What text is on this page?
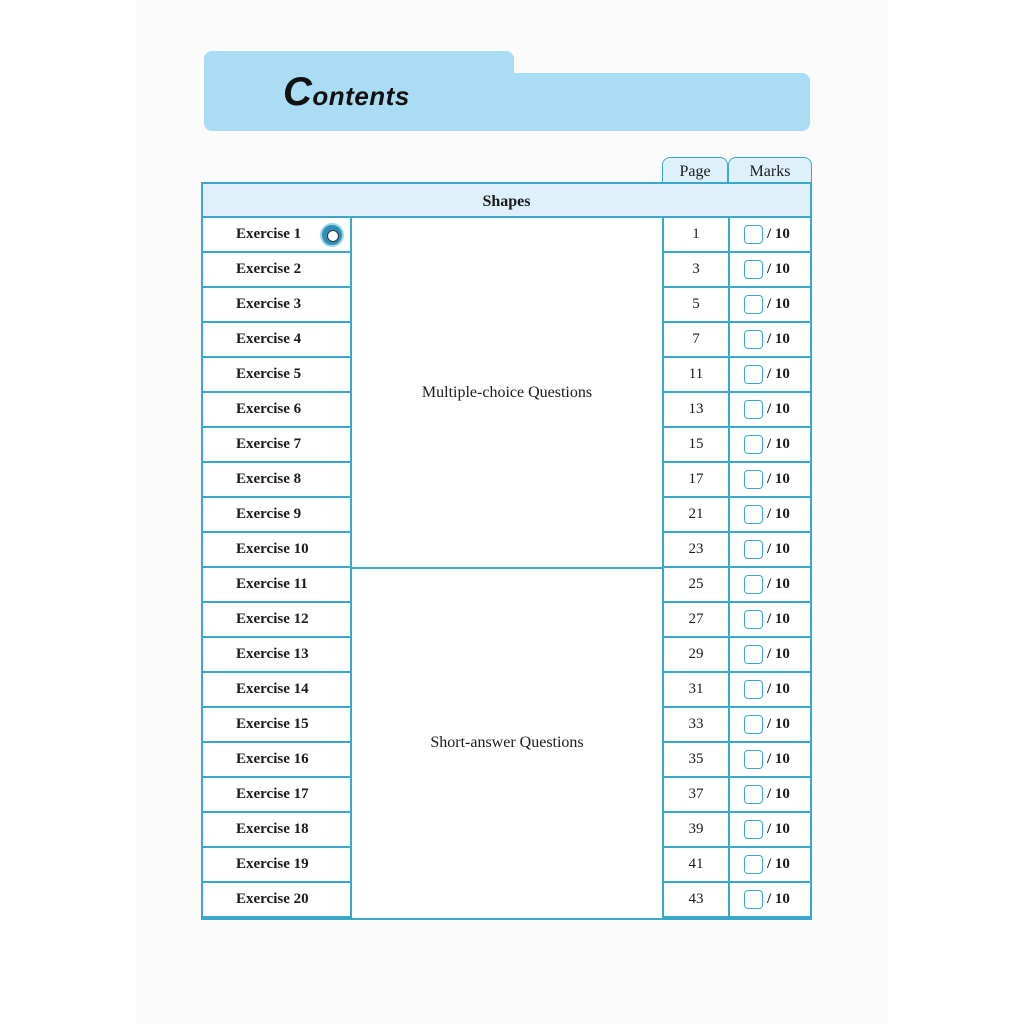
Contents
Page	Marks
Shapes
Exercise 1	1	/ 10
Exercise 2	3	/ 10
Exercise 3	5	/ 10
Exercise 4	7	/ 10
Exercise 5	11	/ 10
Exercise 6	13	/ 10
Exercise 7	15	/ 10
Exercise 8	17	/ 10
Exercise 9	21	/ 10
Exercise 10	23	/ 10
Exercise 11	25	/ 10
Exercise 12	27	/ 10
Exercise 13	29	/ 10
Exercise 14	31	/ 10
Exercise 15	33	/ 10
Exercise 16	35	/ 10
Exercise 17	37	/ 10
Exercise 18	39	/ 10
Exercise 19	41	/ 10
Exercise 20	43	/ 10
Multiple-choice Questions
Short-answer Questions
